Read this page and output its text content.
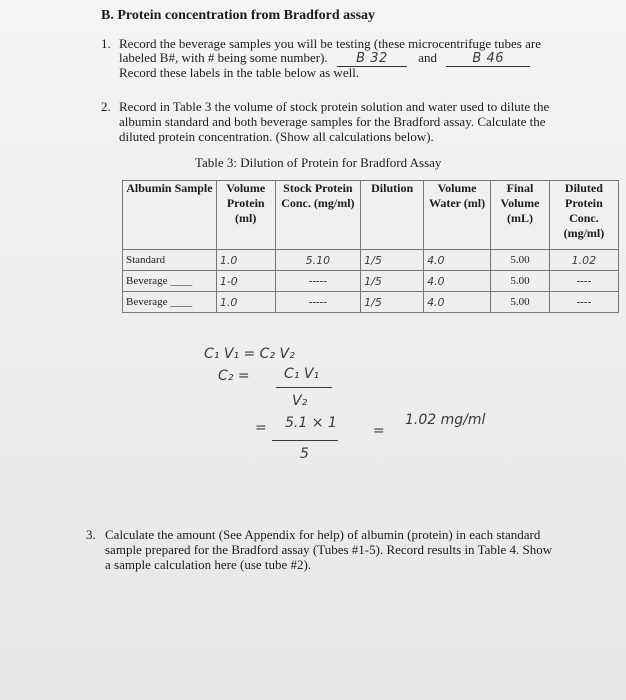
B. Protein concentration from Bradford assay
1. Record the beverage samples you will be testing (these microcentrifuge tubes are
labeled B#, with # being some number). B 32 and	B 46
Record these labels in the table below as well.
2. Record in Table 3 the volume of stock protein solution and water used to dilute the
albumin standard and both beverage samples for the Bradford assay. Calculate the
diluted protein concentration. (Show all calculations below).
Table 3: Dilution of Protein for Bradford Assay
Albumin Sample	Volume Protein (ml)	Stock Protein Conc. (mg/ml)	Dilution	Volume Water (ml)	Final Volume (mL)	Diluted Protein Conc. (mg/ml)
Standard	1.0	5.10	1/5	4.0	5.00	1.02
Beverage ____	1-0	-----	1/5	4.0	5.00	----
Beverage ____	1.0	-----	1/5	4.0	5.00	----
C₁ V₁ = C₂ V₂
C₂ = C₁ V₁
V₂
= 5.1 × 1
5
=
1.02 mg/ml
3. Calculate the amount (See Appendix for help) of albumin (protein) in each standard
sample prepared for the Bradford assay (Tubes #1-5). Record results in Table 4. Show
a sample calculation here (use tube #2).
